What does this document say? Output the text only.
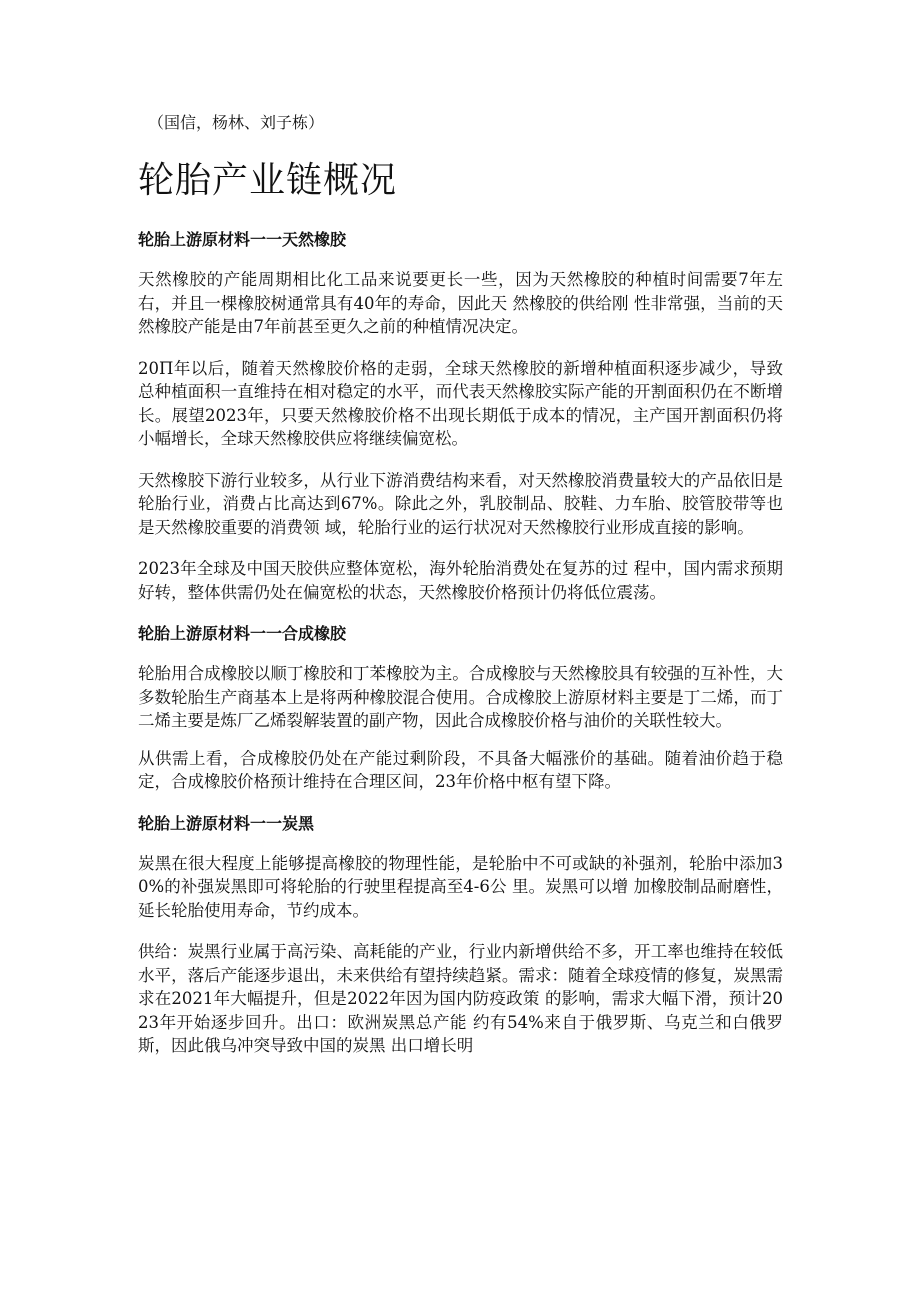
（国信，杨林、刘子栋）

轮胎产业链概况
轮胎上游原材料一一天然橡胶

天然橡胶的产能周期相比化工品来说要更长一些，因为天然橡胶的种植时间需要7年左右，并且一棵橡胶树通常具有40年的寿命，因此天 然橡胶的供给刚 性非常强，当前的天然橡胶产能是由7年前甚至更久之前的种植情况决定。

20П年以后，随着天然橡胶价格的走弱，全球天然橡胶的新增种植面积逐步减少，导致总种植面积一直维持在相对稳定的水平，而代表天然橡胶实际产能的开割面积仍在不断增长。展望2023年，只要天然橡胶价格不出现长期低于成本的情况，主产国开割面积仍将小幅增长，全球天然橡胶供应将继续偏宽松。

天然橡胶下游行业较多，从行业下游消费结构来看，对天然橡胶消费量较大的产品依旧是轮胎行业，消费占比高达到67%。除此之外，乳胶制品、胶鞋、力车胎、胶管胶带等也是天然橡胶重要的消费领 域，轮胎行业的运行状况对天然橡胶行业形成直接的影响。

2023年全球及中国天胶供应整体宽松，海外轮胎消费处在复苏的过 程中，国内需求预期好转，整体供需仍处在偏宽松的状态，天然橡胶价格预计仍将低位震荡。

轮胎上游原材料一一合成橡胶

轮胎用合成橡胶以顺丁橡胶和丁苯橡胶为主。合成橡胶与天然橡胶具有较强的互补性，大多数轮胎生产商基本上是将两种橡胶混合使用。合成橡胶上游原材料主要是丁二烯，而丁二烯主要是炼厂乙烯裂解装置的副产物，因此合成橡胶价格与油价的关联性较大。

从供需上看，合成橡胶仍处在产能过剩阶段，不具备大幅涨价的基础。随着油价趋于稳定，合成橡胶价格预计维持在合理区间，23年价格中枢有望下降。

轮胎上游原材料一一炭黑

炭黑在很大程度上能够提高橡胶的物理性能，是轮胎中不可或缺的补强剂，轮胎中添加30%的补强炭黑即可将轮胎的行驶里程提高至4-6公 里。炭黑可以增 加橡胶制品耐磨性，延长轮胎使用寿命，节约成本。

供给：炭黑行业属于高污染、高耗能的产业，行业内新增供给不多，开工率也维持在较低水平，落后产能逐步退出，未来供给有望持续趋紧。需求：随着全球疫情的修复，炭黑需求在2021年大幅提升，但是2022年因为国内防疫政策 的影响，需求大幅下滑，预计2023年开始逐步回升。出口：欧洲炭黑总产能 约有54%来自于俄罗斯、乌克兰和白俄罗斯，因此俄乌冲突导致中国的炭黑 出口增长明
